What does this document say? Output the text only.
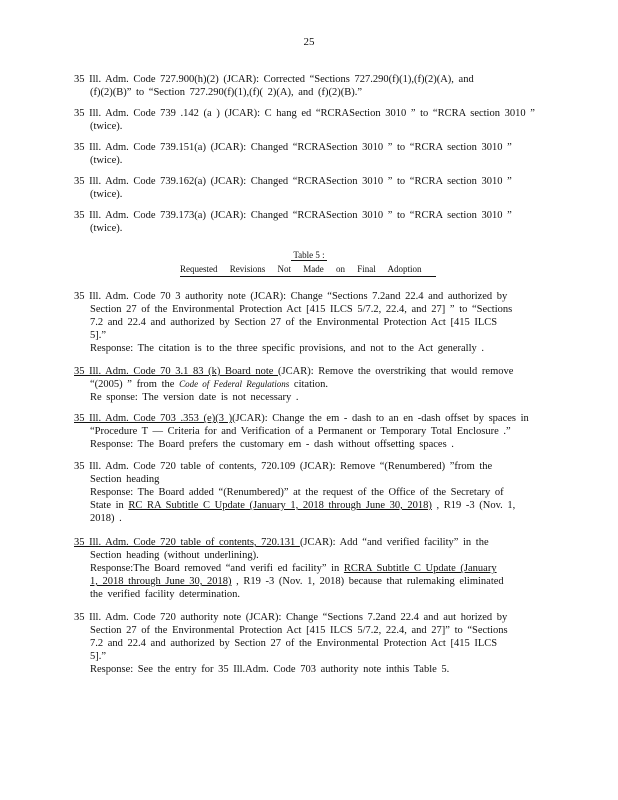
25
35 Ill. Adm. Code 727.900(h)(2) (JCAR): Corrected “Sections 727.290(f)(1),(f)(2)(A), and
(f)(2)(B)” to “Section 727.290(f)(1),(f)( 2)(A), and (f)(2)(B).”
35 Ill. Adm. Code 739 .142 (a ) (JCAR): C hang ed “RCRASection 3010 ” to “RCRA section 3010 ”
(twice).
35 Ill. Adm. Code 739.151(a) (JCAR): Changed “RCRASection 3010 ” to “RCRA section 3010 ”
(twice).
35 Ill. Adm. Code 739.162(a) (JCAR): Changed “RCRASection 3010 ” to “RCRA section 3010 ”
(twice).
35 Ill. Adm. Code 739.173(a) (JCAR): Changed “RCRASection 3010 ” to “RCRA section 3010 ”
(twice).
Table 5 :
Requested Revisions Not Made on Final Adoption
35 Ill. Adm. Code 70 3 authority note (JCAR): Change “Sections 7.2and 22.4 and authorized by
Section 27 of the Environmental Protection Act [415 ILCS 5/7.2, 22.4, and 27] ” to “Sections
7.2 and 22.4 and authorized by Section 27 of the Environmental Protection Act [415 ILCS
5].”
Response: The citation is to the three specific provisions, and not to the Act generally .
35 Ill. Adm. Code 70 3.1 83 (k) Board note (JCAR): Remove the overstriking that would remove
“(2005) ” from the Code of Federal Regulations citation.
Re sponse: The version date is not necessary .
35 Ill. Adm. Code 703 .353 (e)(3 )(JCAR): Change the em - dash to an en -dash offset by spaces in
“Procedure T — Criteria for and Verification of a Permanent or Temporary Total Enclosure .”
Response: The Board prefers the customary em - dash without offsetting spaces .
35 Ill. Adm. Code 720 table of contents, 720.109 (JCAR): Remove “(Renumbered) ”from the
Section heading
Response: The Board added “(Renumbered)” at the request of the Office of the Secretary of
State in RC RA Subtitle C Update (January 1, 2018 through June 30, 2018) , R19 -3 (Nov. 1,
2018) .
35 Ill. Adm. Code 720 table of contents, 720.131 (JCAR): Add “and verified facility” in the
Section heading (without underlining).
Response:The Board removed “and verifi ed facility” in RCRA Subtitle C Update (January
1, 2018 through June 30, 2018) , R19 -3 (Nov. 1, 2018) because that rulemaking eliminated
the verified facility determination.
35 Ill. Adm. Code 720 authority note (JCAR): Change “Sections 7.2and 22.4 and aut horized by
Section 27 of the Environmental Protection Act [415 ILCS 5/7.2, 22.4, and 27]” to “Sections
7.2 and 22.4 and authorized by Section 27 of the Environmental Protection Act [415 ILCS
5].”
Response: See the entry for 35 Ill.Adm. Code 703 authority note inthis Table 5.
